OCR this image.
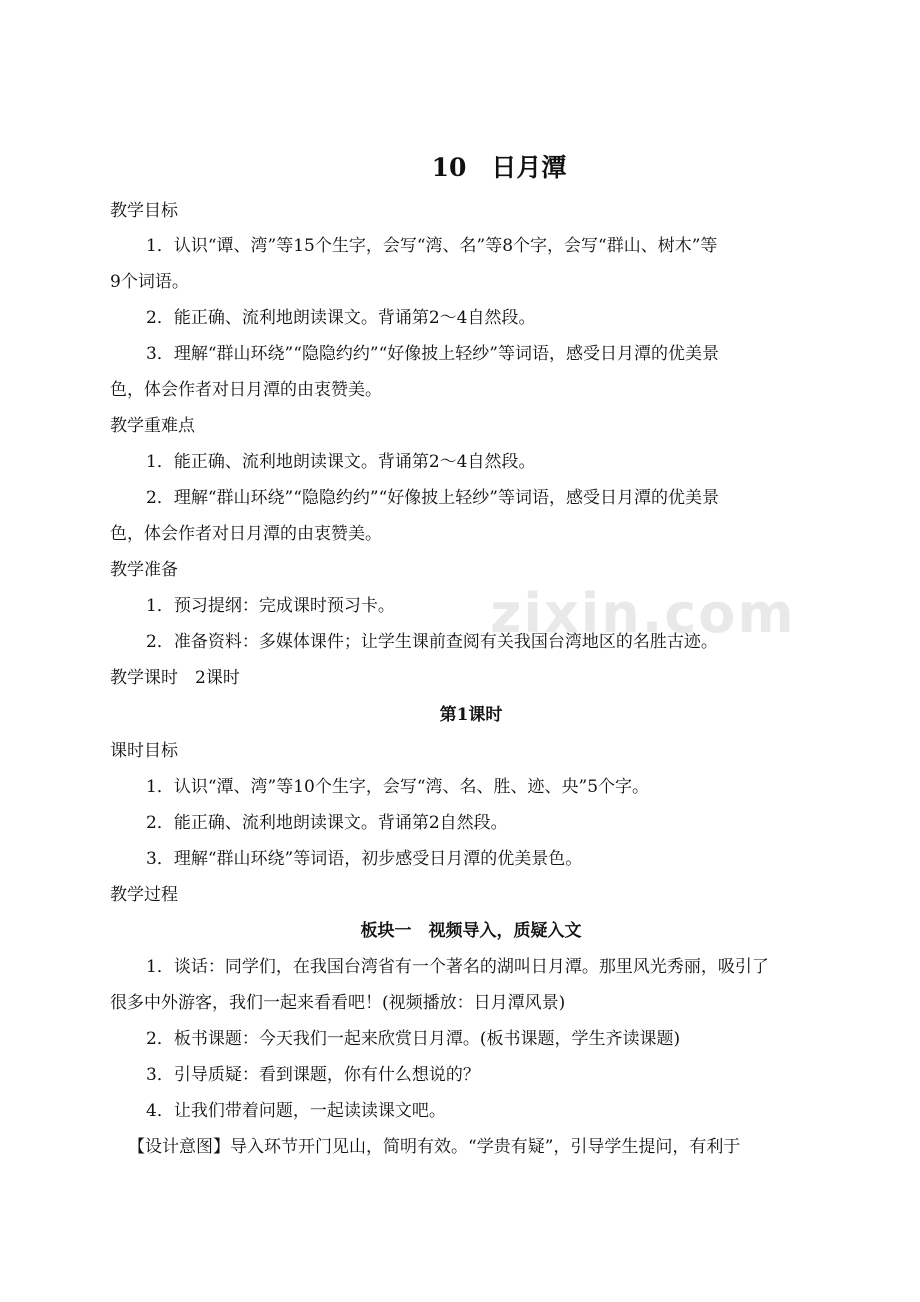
10　日月潭
zixin.com
教学目标
1．认识“谭、湾”等15个生字，会写“湾、名”等8个字，会写“群山、树木”等
9个词语。
2．能正确、流利地朗读课文。背诵第2～4自然段。
3．理解“群山环绕”“隐隐约约”“好像披上轻纱”等词语，感受日月潭的优美景
色，体会作者对日月潭的由衷赞美。
教学重难点
1．能正确、流利地朗读课文。背诵第2～4自然段。
2．理解“群山环绕”“隐隐约约”“好像披上轻纱”等词语，感受日月潭的优美景
色，体会作者对日月潭的由衷赞美。
教学准备
1．预习提纲：完成课时预习卡。
2．准备资料：多媒体课件；让学生课前查阅有关我国台湾地区的名胜古迹。
教学课时　2课时
第1课时
课时目标
1．认识“潭、湾”等10个生字，会写“湾、名、胜、迹、央”5个字。
2．能正确、流利地朗读课文。背诵第2自然段。
3．理解“群山环绕”等词语，初步感受日月潭的优美景色。
教学过程
板块一　视频导入，质疑入文
1．谈话：同学们，在我国台湾省有一个著名的湖叫日月潭。那里风光秀丽，吸引了
很多中外游客，我们一起来看看吧！(视频播放：日月潭风景)
2．板书课题：今天我们一起来欣赏日月潭。(板书课题，学生齐读课题)
3．引导质疑：看到课题，你有什么想说的？
4．让我们带着问题，一起读读课文吧。
【设计意图】导入环节开门见山，简明有效。“学贵有疑”，引导学生提问，有利于
